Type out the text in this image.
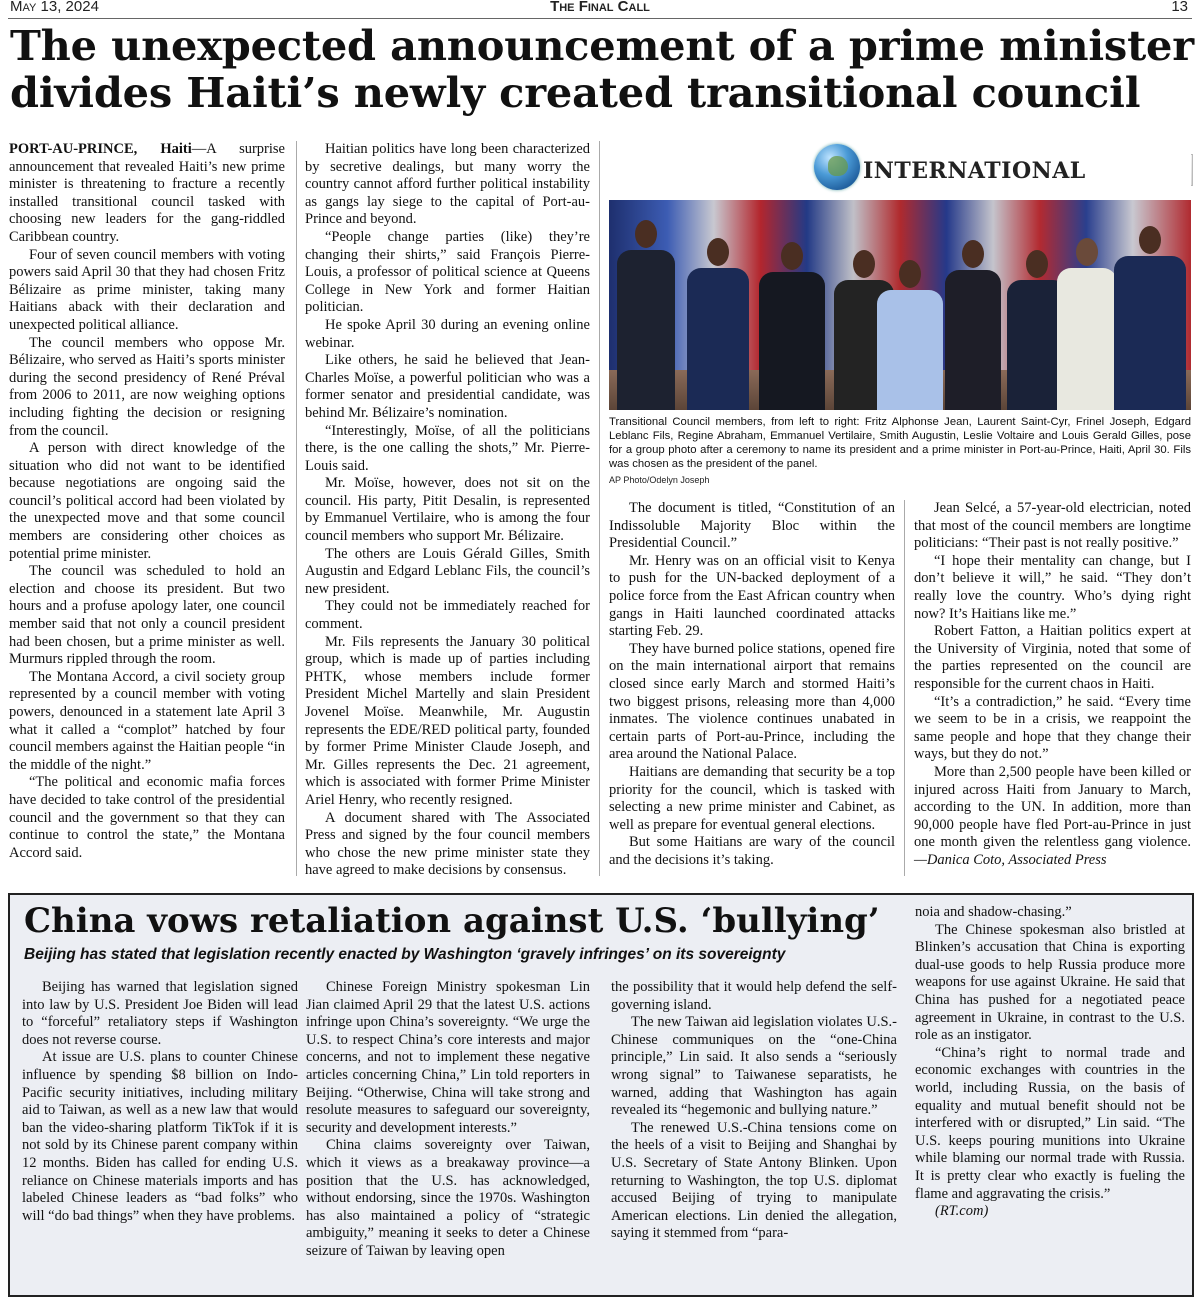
May 13, 2024	The Final Call	13
The unexpected announcement of a prime minister divides Haiti’s newly created transitional council

PORT-AU-PRINCE, Haiti—A surprise announcement that revealed Haiti’s new prime minister is threatening to fracture a recently installed transitional council tasked with choosing new leaders for the gang-riddled Caribbean country.

Four of seven council members with voting powers said April 30 that they had chosen Fritz Bélizaire as prime minister, taking many Haitians aback with their declaration and unexpected political alliance.

The council members who oppose Mr. Bélizaire, who served as Haiti’s sports minister during the second presidency of René Préval from 2006 to 2011, are now weighing options including fighting the decision or resigning from the council.

A person with direct knowledge of the situation who did not want to be identified because negotiations are ongoing said the council’s political accord had been violated by the unexpected move and that some council members are considering other choices as potential prime minister.

The council was scheduled to hold an election and choose its president. But two hours and a profuse apology later, one council member said that not only a council president had been chosen, but a prime minister as well. Murmurs rippled through the room.

The Montana Accord, a civil society group represented by a council member with voting powers, denounced in a statement late April 3 what it called a “complot” hatched by four council members against the Haitian people “in the middle of the night.”

“The political and economic mafia forces have decided to take control of the presidential council and the government so that they can continue to control the state,” the Montana Accord said.

Haitian politics have long been characterized by secretive dealings, but many worry the country cannot afford further political instability as gangs lay siege to the capital of Port-au-Prince and beyond.

“People change parties (like) they’re changing their shirts,” said François Pierre-Louis, a professor of political science at Queens College in New York and former Haitian politician.

He spoke April 30 during an evening online webinar.

Like others, he said he believed that Jean-Charles Moïse, a powerful politician who was a former senator and presidential candidate, was behind Mr. Bélizaire’s nomination.

“Interestingly, Moïse, of all the politicians there, is the one calling the shots,” Mr. Pierre-Louis said.

Mr. Moïse, however, does not sit on the council. His party, Pitit Desalin, is represented by Emmanuel Vertilaire, who is among the four council members who support Mr. Bélizaire.

The others are Louis Gérald Gilles, Smith Augustin and Edgard Leblanc Fils, the council’s new president.

They could not be immediately reached for comment.

Mr. Fils represents the January 30 political group, which is made up of parties including PHTK, whose members include former President Michel Martelly and slain President Jovenel Moïse. Meanwhile, Mr. Augustin represents the EDE/RED political party, founded by former Prime Minister Claude Joseph, and Mr. Gilles represents the Dec. 21 agreement, which is associated with former Prime Minister Ariel Henry, who recently resigned.

A document shared with The Associated Press and signed by the four council members who chose the new prime minister state they have agreed to make decisions by consensus.

INTERNATIONAL
Transitional Council members, from left to right: Fritz Alphonse Jean, Laurent Saint-Cyr, Frinel Joseph, Edgard Leblanc Fils, Regine Abraham, Emmanuel Vertilaire, Smith Augustin, Leslie Voltaire and Louis Gerald Gilles, pose for a group photo after a ceremony to name its president and a prime minister in Port-au-Prince, Haiti, April 30. Fils was chosen as the president of the panel.
AP Photo/Odelyn Joseph

The document is titled, “Constitution of an Indissoluble Majority Bloc within the Presidential Council.”

Mr. Henry was on an official visit to Kenya to push for the UN-backed deployment of a police force from the East African country when gangs in Haiti launched coordinated attacks starting Feb. 29.

They have burned police stations, opened fire on the main international airport that remains closed since early March and stormed Haiti’s two biggest prisons, releasing more than 4,000 inmates. The violence continues unabated in certain parts of Port-au-Prince, including the area around the National Palace.

Haitians are demanding that security be a top priority for the council, which is tasked with selecting a new prime minister and Cabinet, as well as prepare for eventual general elections.

But some Haitians are wary of the council and the decisions it’s taking.

Jean Selcé, a 57-year-old electrician, noted that most of the council members are longtime politicians: “Their past is not really positive.”

“I hope their mentality can change, but I don’t believe it will,” he said. “They don’t really love the country. Who’s dying right now? It’s Haitians like me.”

Robert Fatton, a Haitian politics expert at the University of Virginia, noted that some of the parties represented on the council are responsible for the current chaos in Haiti.

“It’s a contradiction,” he said. “Every time we seem to be in a crisis, we reappoint the same people and hope that they change their ways, but they do not.”

More than 2,500 people have been killed or injured across Haiti from January to March, according to the UN. In addition, more than 90,000 people have fled Port-au-Prince in just one month given the relentless gang violence.—Danica Coto, Associated Press

China vows retaliation against U.S. ‘bullying’
Beijing has stated that legislation recently enacted by Washington ‘gravely infringes’ on its sovereignty

Beijing has warned that legislation signed into law by U.S. President Joe Biden will lead to “forceful” retaliatory steps if Washington does not reverse course.

At issue are U.S. plans to counter Chinese influence by spending $8 billion on Indo-Pacific security initiatives, including military aid to Taiwan, as well as a new law that would ban the video-sharing platform TikTok if it is not sold by its Chinese parent company within 12 months. Biden has called for ending U.S. reliance on Chinese materials imports and has labeled Chinese leaders as “bad folks” who will “do bad things” when they have problems.

Chinese Foreign Ministry spokesman Lin Jian claimed April 29 that the latest U.S. actions infringe upon China’s sovereignty. “We urge the U.S. to respect China’s core interests and major concerns, and not to implement these negative articles concerning China,” Lin told reporters in Beijing. “Otherwise, China will take strong and resolute measures to safeguard our sovereignty, security and development interests.”

China claims sovereignty over Taiwan, which it views as a breakaway province—a position that the U.S. has acknowledged, without endorsing, since the 1970s. Washington has also maintained a policy of “strategic ambiguity,” meaning it seeks to deter a Chinese seizure of Taiwan by leaving open

the possibility that it would help defend the self-governing island.

The new Taiwan aid legislation violates U.S.-Chinese communiques on the “one-China principle,” Lin said. It also sends a “seriously wrong signal” to Taiwanese separatists, he warned, adding that Washington has again revealed its “hegemonic and bullying nature.”

The renewed U.S.-China tensions come on the heels of a visit to Beijing and Shanghai by U.S. Secretary of State Antony Blinken. Upon returning to Washington, the top U.S. diplomat accused Beijing of trying to manipulate American elections. Lin denied the allegation, saying it stemmed from “para-

noia and shadow-chasing.”

The Chinese spokesman also bristled at Blinken’s accusation that China is exporting dual-use goods to help Russia produce more weapons for use against Ukraine. He said that China has pushed for a negotiated peace agreement in Ukraine, in contrast to the U.S. role as an instigator.

“China’s right to normal trade and economic exchanges with countries in the world, including Russia, on the basis of equality and mutual benefit should not be interfered with or disrupted,” Lin said. “The U.S. keeps pouring munitions into Ukraine while blaming our normal trade with Russia. It is pretty clear who exactly is fueling the flame and aggravating the crisis.”

(RT.com)
